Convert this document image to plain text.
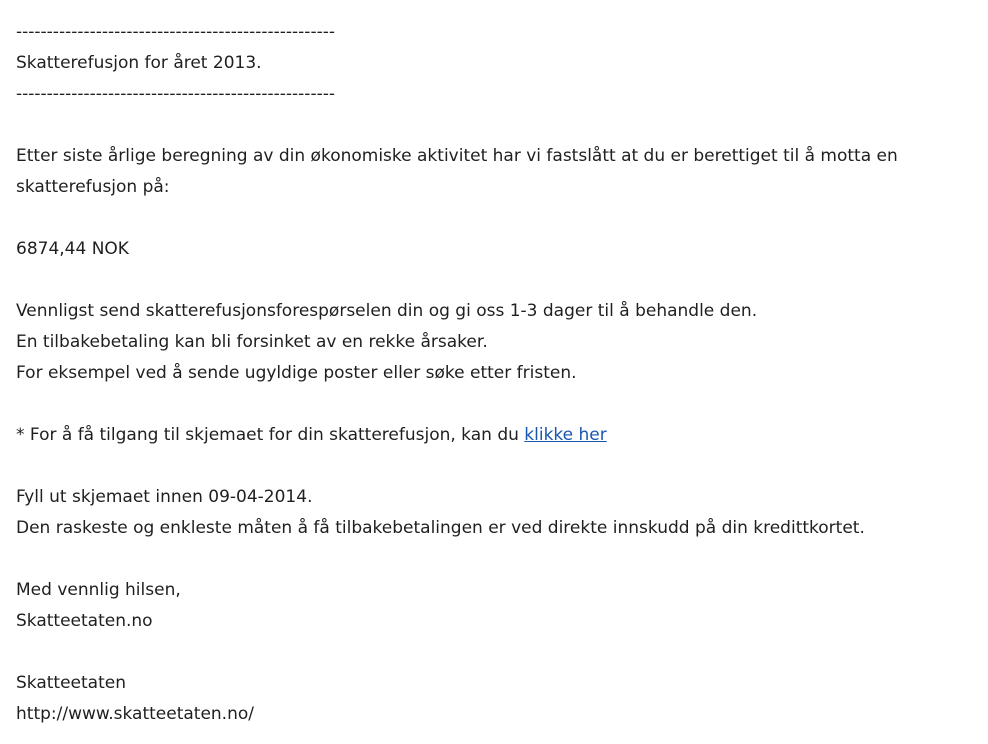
----------------------------------------------------
Skatterefusjon for året 2013.
----------------------------------------------------
Etter siste årlige beregning av din økonomiske aktivitet har vi fastslått at du er berettiget til å motta en
skatterefusjon på:
6874,44 NOK
Vennligst send skatterefusjonsforespørselen din og gi oss 1-3 dager til å behandle den.
En tilbakebetaling kan bli forsinket av en rekke årsaker.
For eksempel ved å sende ugyldige poster eller søke etter fristen.
* For å få tilgang til skjemaet for din skatterefusjon, kan du klikke her
Fyll ut skjemaet innen 09-04-2014.
Den raskeste og enkleste måten å få tilbakebetalingen er ved direkte innskudd på din kredittkortet.
Med vennlig hilsen,
Skatteetaten.no
Skatteetaten
http://www.skatteetaten.no/
